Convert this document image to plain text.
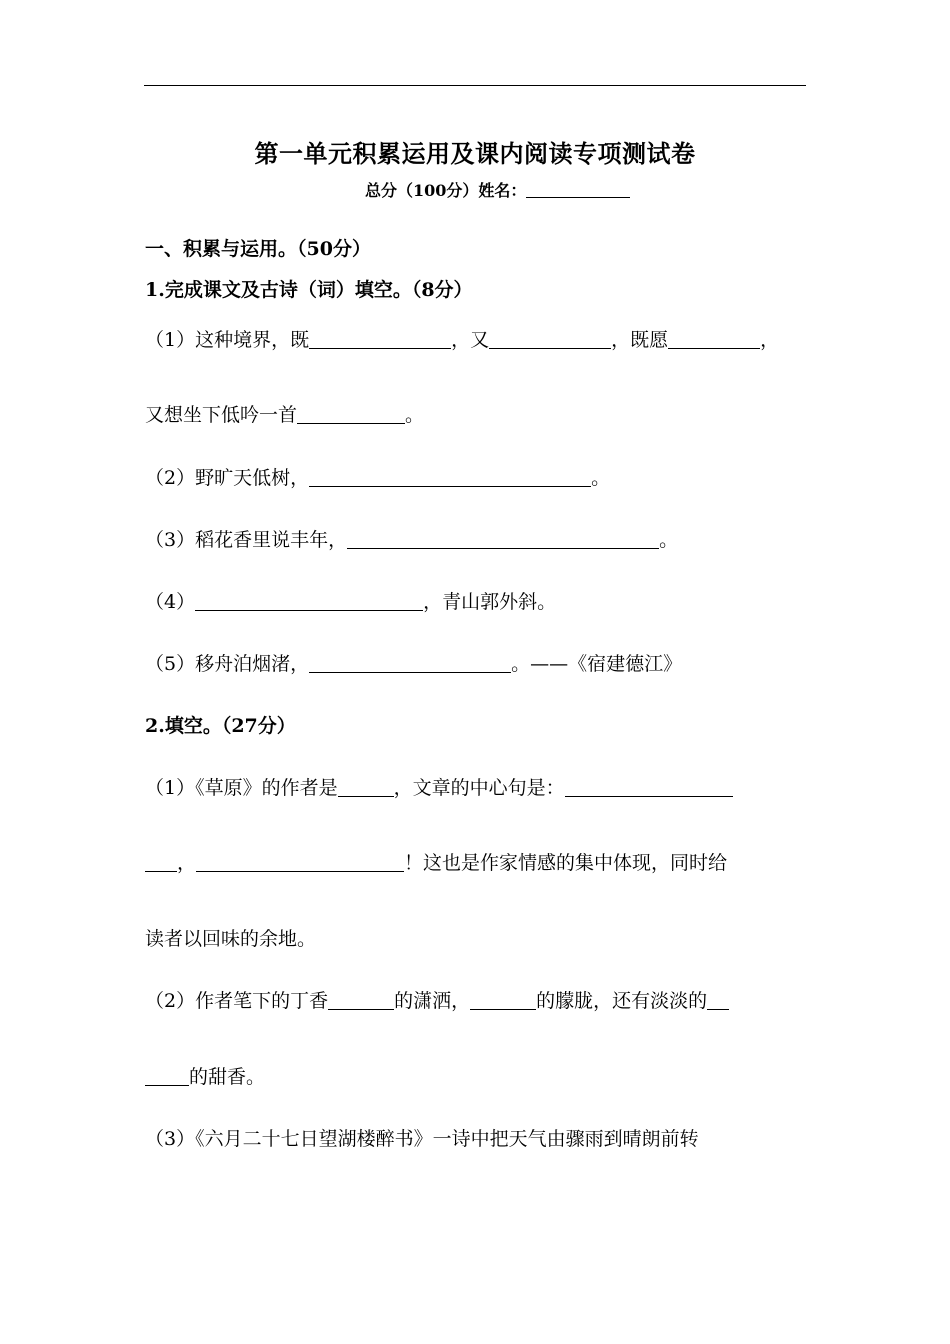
第一单元积累运用及课内阅读专项测试卷
总分（100分）姓名：
一、积累与运用。（50分）
1.完成课文及古诗（词）填空。（8分）
（1）这种境界，既	，又	，既愿	，
又想坐下低吟一首	。
（2）野旷天低树，	。
（3）稻花香里说丰年，	。
（4）	，青山郭外斜。
（5）移舟泊烟渚，	。——《宿建德江》
2.填空。（27分）
（1）《草原》的作者是	，文章的中心句是：
，	！这也是作家情感的集中体现，同时给
读者以回味的余地。
（2）作者笔下的丁香	的潇洒，	的朦胧，还有淡淡的
的甜香。
（3）《六月二十七日望湖楼醉书》一诗中把天气由骤雨到晴朗前转
